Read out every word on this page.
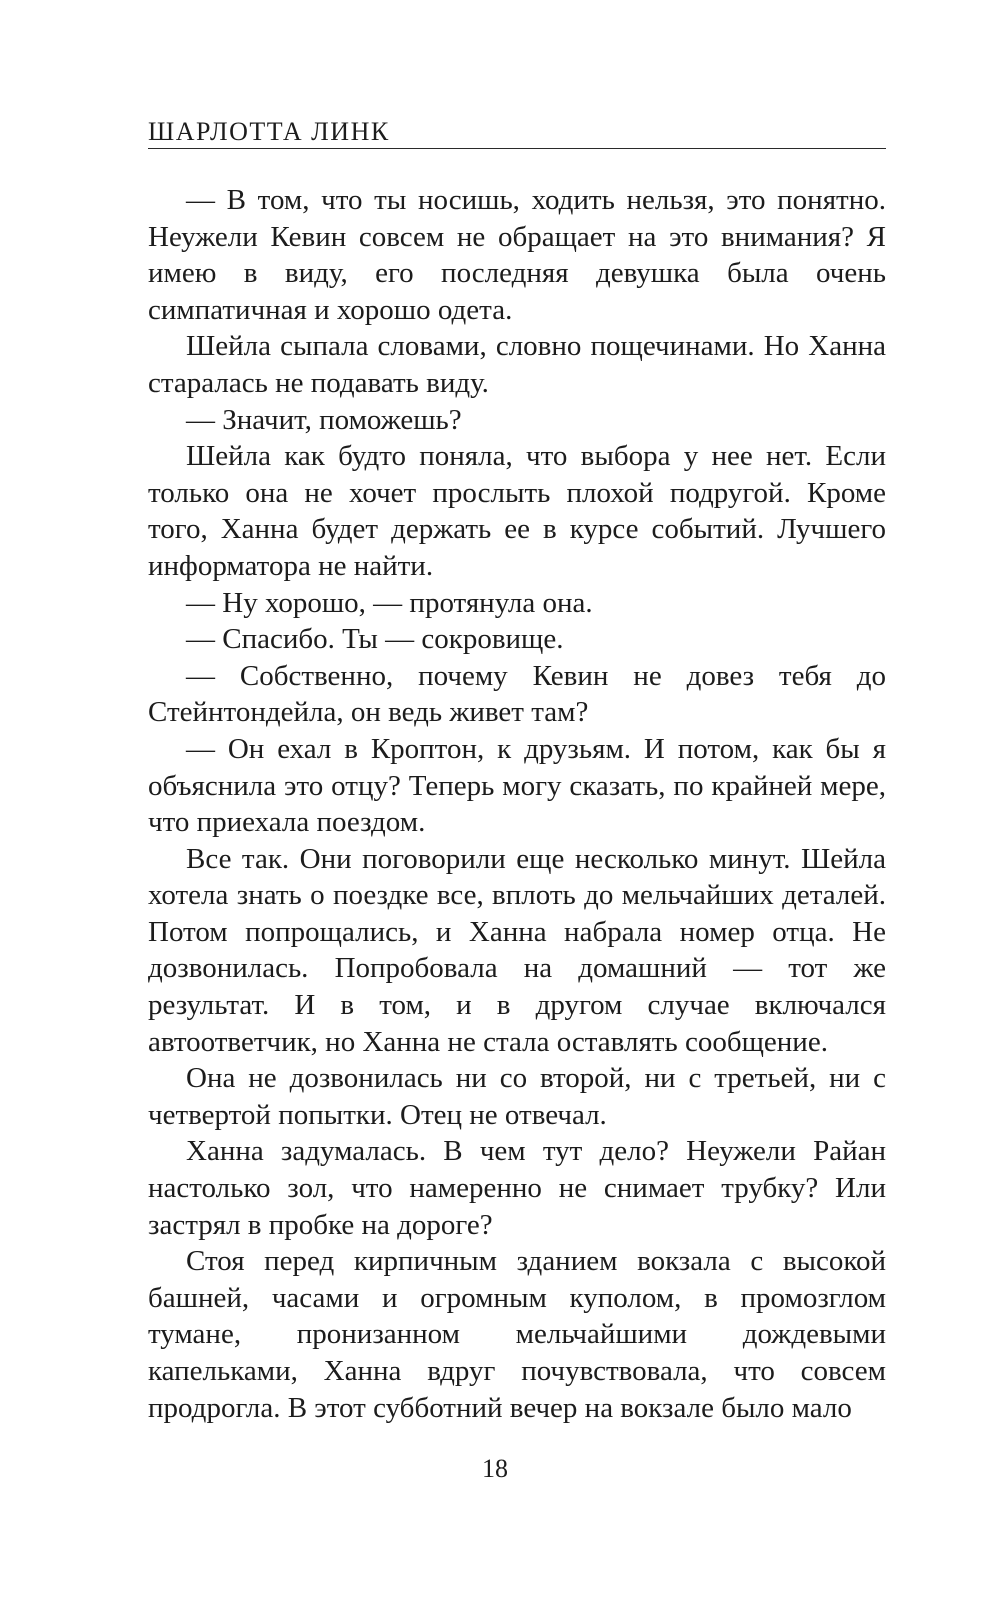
ШАРЛОТТА ЛИНК

— В том, что ты носишь, ходить нельзя, это понятно. Неужели Кевин совсем не обращает на это внимания? Я имею в виду, его последняя девушка была очень симпатичная и хорошо одета.

Шейла сыпала словами, словно пощечинами. Но Ханна старалась не подавать виду.

— Значит, поможешь?

Шейла как будто поняла, что выбора у нее нет. Если только она не хочет прослыть плохой подругой. Кроме того, Ханна будет держать ее в курсе событий. Лучшего информатора не найти.

— Ну хорошо, — протянула она.

— Спасибо. Ты — сокровище.

— Собственно, почему Кевин не довез тебя до Стейнтондейла, он ведь живет там?

— Он ехал в Кроптон, к друзьям. И потом, как бы я объяснила это отцу? Теперь могу сказать, по крайней мере, что приехала поездом.

Все так. Они поговорили еще несколько минут. Шейла хотела знать о поездке все, вплоть до мельчайших деталей. Потом попрощались, и Ханна набрала номер отца. Не дозвонилась. Попробовала на домашний — тот же результат. И в том, и в другом случае включался автоответчик, но Ханна не стала оставлять сообщение.

Она не дозвонилась ни со второй, ни с третьей, ни с четвертой попытки. Отец не отвечал.

Ханна задумалась. В чем тут дело? Неужели Райан настолько зол, что намеренно не снимает трубку? Или застрял в пробке на дороге?

Стоя перед кирпичным зданием вокзала с высокой башней, часами и огромным куполом, в промозглом тумане, пронизанном мельчайшими дождевыми капельками, Ханна вдруг почувствовала, что совсем продрогла. В этот субботний вечер на вокзале было мало

18
